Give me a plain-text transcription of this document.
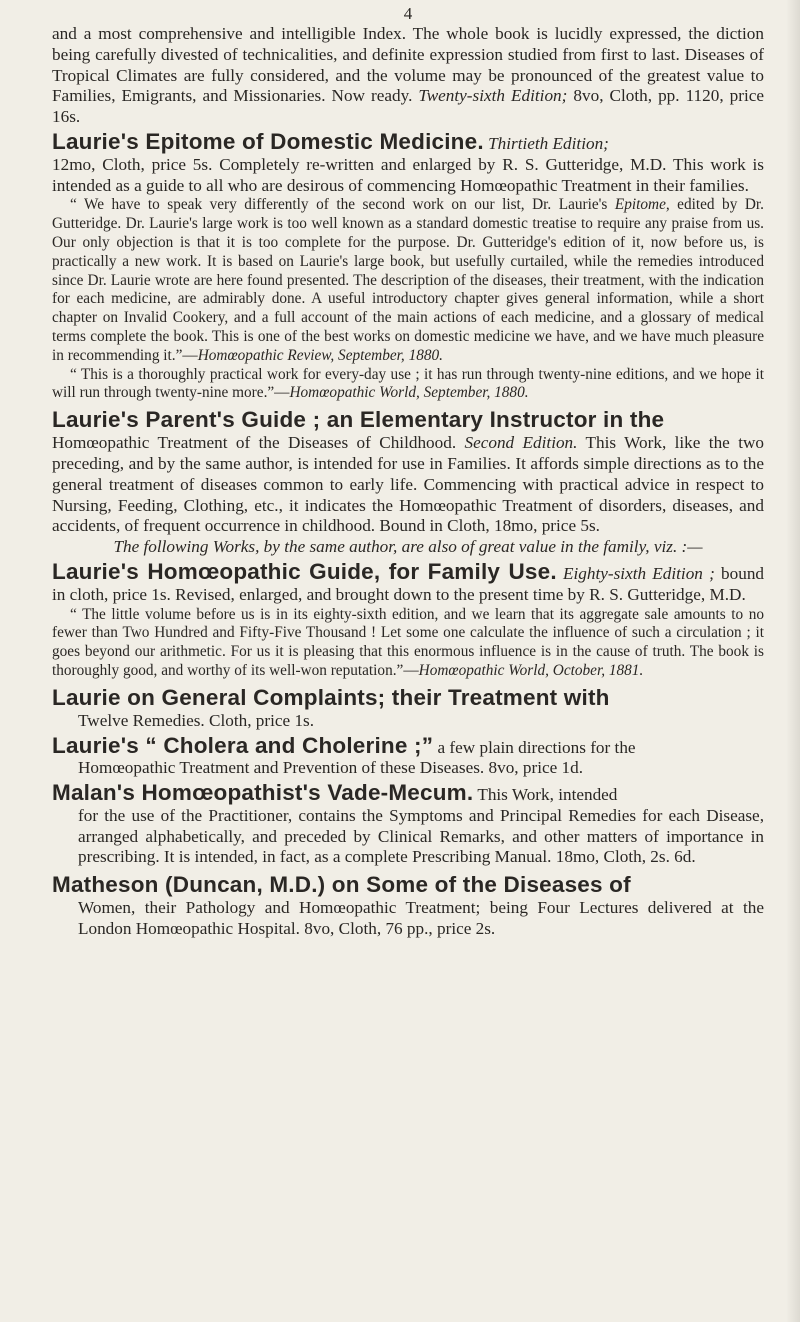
4

and a most comprehensive and intelligible Index. The whole book is lucidly expressed, the diction being carefully divested of technicalities, and definite expression studied from first to last. Diseases of Tropical Climates are fully considered, and the volume may be pronounced of the greatest value to Families, Emigrants, and Missionaries. Now ready. Twenty-sixth Edition; 8vo, Cloth, pp. 1120, price 16s.

Laurie's Epitome of Domestic Medicine. Thirtieth Edition;

12mo, Cloth, price 5s. Completely re-written and enlarged by R. S. Gutteridge, M.D. This work is intended as a guide to all who are desirous of commencing Homœopathic Treatment in their families.

“ We have to speak very differently of the second work on our list, Dr. Laurie's Epitome, edited by Dr. Gutteridge. Dr. Laurie's large work is too well known as a standard domestic treatise to require any praise from us. Our only objection is that it is too complete for the purpose. Dr. Gutteridge's edition of it, now before us, is practically a new work. It is based on Laurie's large book, but usefully curtailed, while the remedies introduced since Dr. Laurie wrote are here found presented. The description of the diseases, their treatment, with the indication for each medicine, are admirably done. A useful introductory chapter gives general information, while a short chapter on Invalid Cookery, and a full account of the main actions of each medicine, and a glossary of medical terms complete the book. This is one of the best works on domestic medicine we have, and we have much pleasure in recommending it.”—Homœopathic Review, September, 1880.

“ This is a thoroughly practical work for every-day use ; it has run through twenty-nine editions, and we hope it will run through twenty-nine more.”—Homœopathic World, September, 1880.

Laurie's Parent's Guide ; an Elementary Instructor in the

Homœopathic Treatment of the Diseases of Childhood. Second Edition. This Work, like the two preceding, and by the same author, is intended for use in Families. It affords simple directions as to the general treatment of diseases common to early life. Commencing with practical advice in respect to Nursing, Feeding, Clothing, etc., it indicates the Homœopathic Treatment of disorders, diseases, and accidents, of frequent occurrence in childhood. Bound in Cloth, 18mo, price 5s.

The following Works, by the same author, are also of great value in the family, viz. :—

Laurie's Homœopathic Guide, for Family Use. Eighty-sixth Edition ; bound in cloth, price 1s. Revised, enlarged, and brought down to the present time by R. S. Gutteridge, M.D.

“ The little volume before us is in its eighty-sixth edition, and we learn that its aggregate sale amounts to no fewer than Two Hundred and Fifty-Five Thousand ! Let some one calculate the influence of such a circulation ; it goes beyond our arithmetic. For us it is pleasing that this enormous influence is in the cause of truth. The book is thoroughly good, and worthy of its well-won reputation.”—Homœopathic World, October, 1881.

Laurie on General Complaints; their Treatment with

Twelve Remedies. Cloth, price 1s.

Laurie's “ Cholera and Cholerine ;” a few plain directions for the

Homœopathic Treatment and Prevention of these Diseases. 8vo, price 1d.

Malan's Homœopathist's Vade-Mecum. This Work, intended

for the use of the Practitioner, contains the Symptoms and Principal Remedies for each Disease, arranged alphabetically, and preceded by Clinical Remarks, and other matters of importance in prescribing. It is intended, in fact, as a complete Prescribing Manual. 18mo, Cloth, 2s. 6d.

Matheson (Duncan, M.D.) on Some of the Diseases of

Women, their Pathology and Homœopathic Treatment; being Four Lectures delivered at the London Homœopathic Hospital. 8vo, Cloth, 76 pp., price 2s.
